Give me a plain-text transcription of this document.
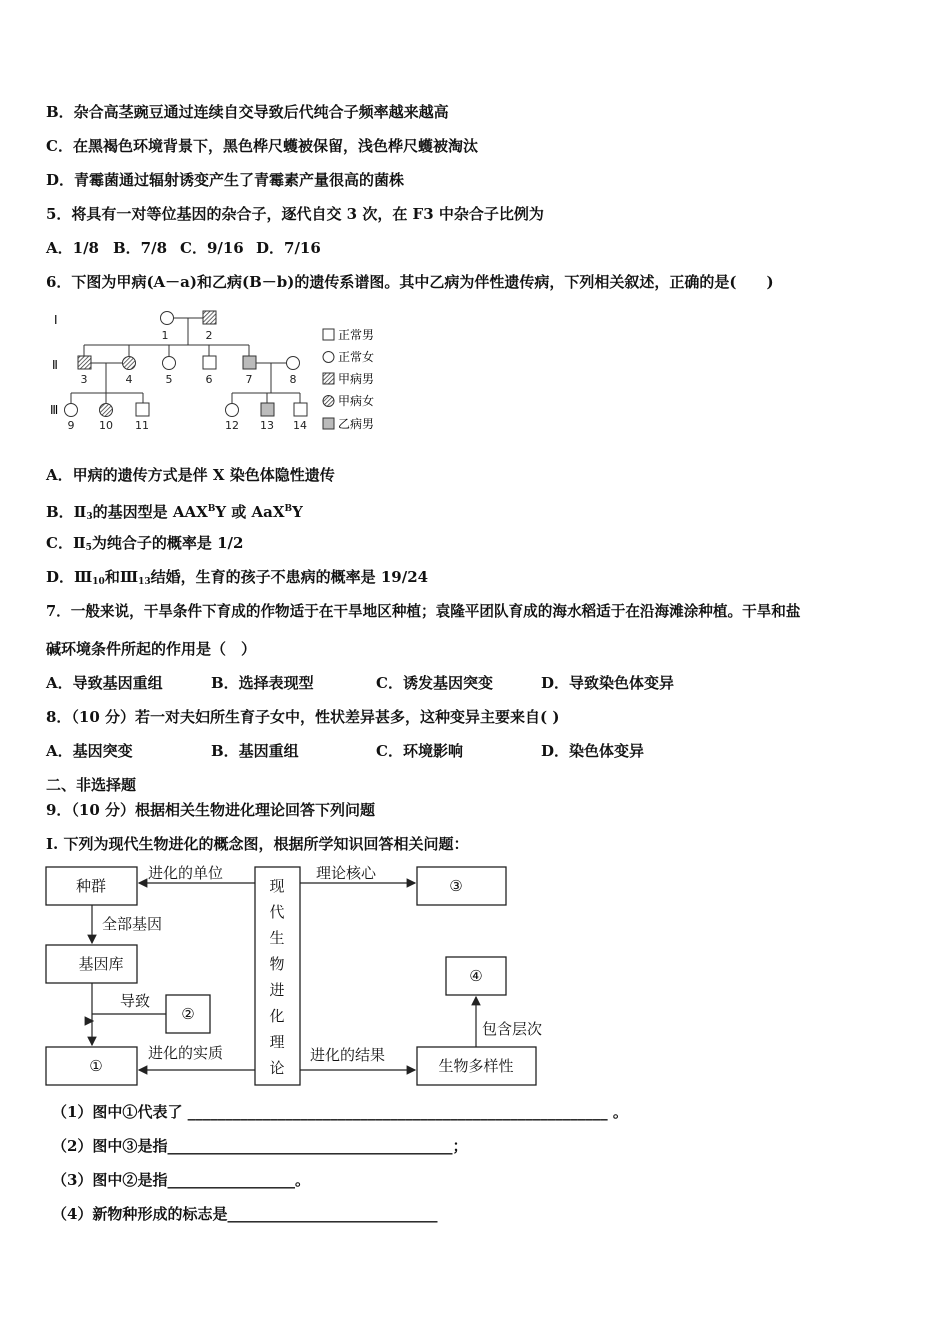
B．杂合高茎豌豆通过连续自交导致后代纯合子频率越来越高
C．在黑褐色环境背景下，黑色桦尺蠖被保留，浅色桦尺蠖被淘汰
D．青霉菌通过辐射诱变产生了青霉素产量很高的菌株
5．将具有一对等位基因的杂合子，逐代自交 3 次，在 F3 中杂合子比例为
A．1/8 B．7/8 C．9/16 D．7/16
6．下图为甲病(A－a)和乙病(B－b)的遗传系谱图。其中乙病为伴性遗传病，下列相关叙述，正确的是(　　)
Ⅰ
Ⅱ
Ⅲ
1	2
3	4	5	6	7	8
9 10 11	12 13 14
正常男
正常女
甲病男
甲病女
乙病男
A．甲病的遗传方式是伴 X 染色体隐性遗传
B．$Ⅱ_3$的基因型是 $AAX^BY$ 或 AaX$^B$Y
C．$Ⅱ_5$为纯合子的概率是 1/2
D．$Ⅲ_{10}$和$Ⅲ_{13}$结婚，生育的孩子不患病的概率是 19/24
7．一般来说，干旱条件下育成的作物适于在干旱地区种植；袁隆平团队育成的海水稻适于在沿海滩涂种植。干旱和盐
碱环境条件所起的作用是（　）
A．导致基因重组	B．选择表现型	C．诱发基因突变	D．导致染色体变异
8．（10 分）若一对夫妇所生育子女中，性状差异甚多，这种变异主要来自( )
A．基因突变	B．基因重组	C．环境影响	D．染色体变异
二、非选择题
9．（10 分）根据相关生物进化理论回答下列问题
I. 下列为现代生物进化的概念图，根据所学知识回答相关问题：
种群
基因库
①
②
③
④
生物多样性
现
代
生
物
进
化
理
论
进化的单位
全部基因
导致
进化的实质
理论核心
进化的结果
包含层次
（1）图中①代表了 ________________________________________________________ 。
（2）图中③是指______________________________________；
（3）图中②是指_________________。
（4）新物种形成的标志是____________________________
